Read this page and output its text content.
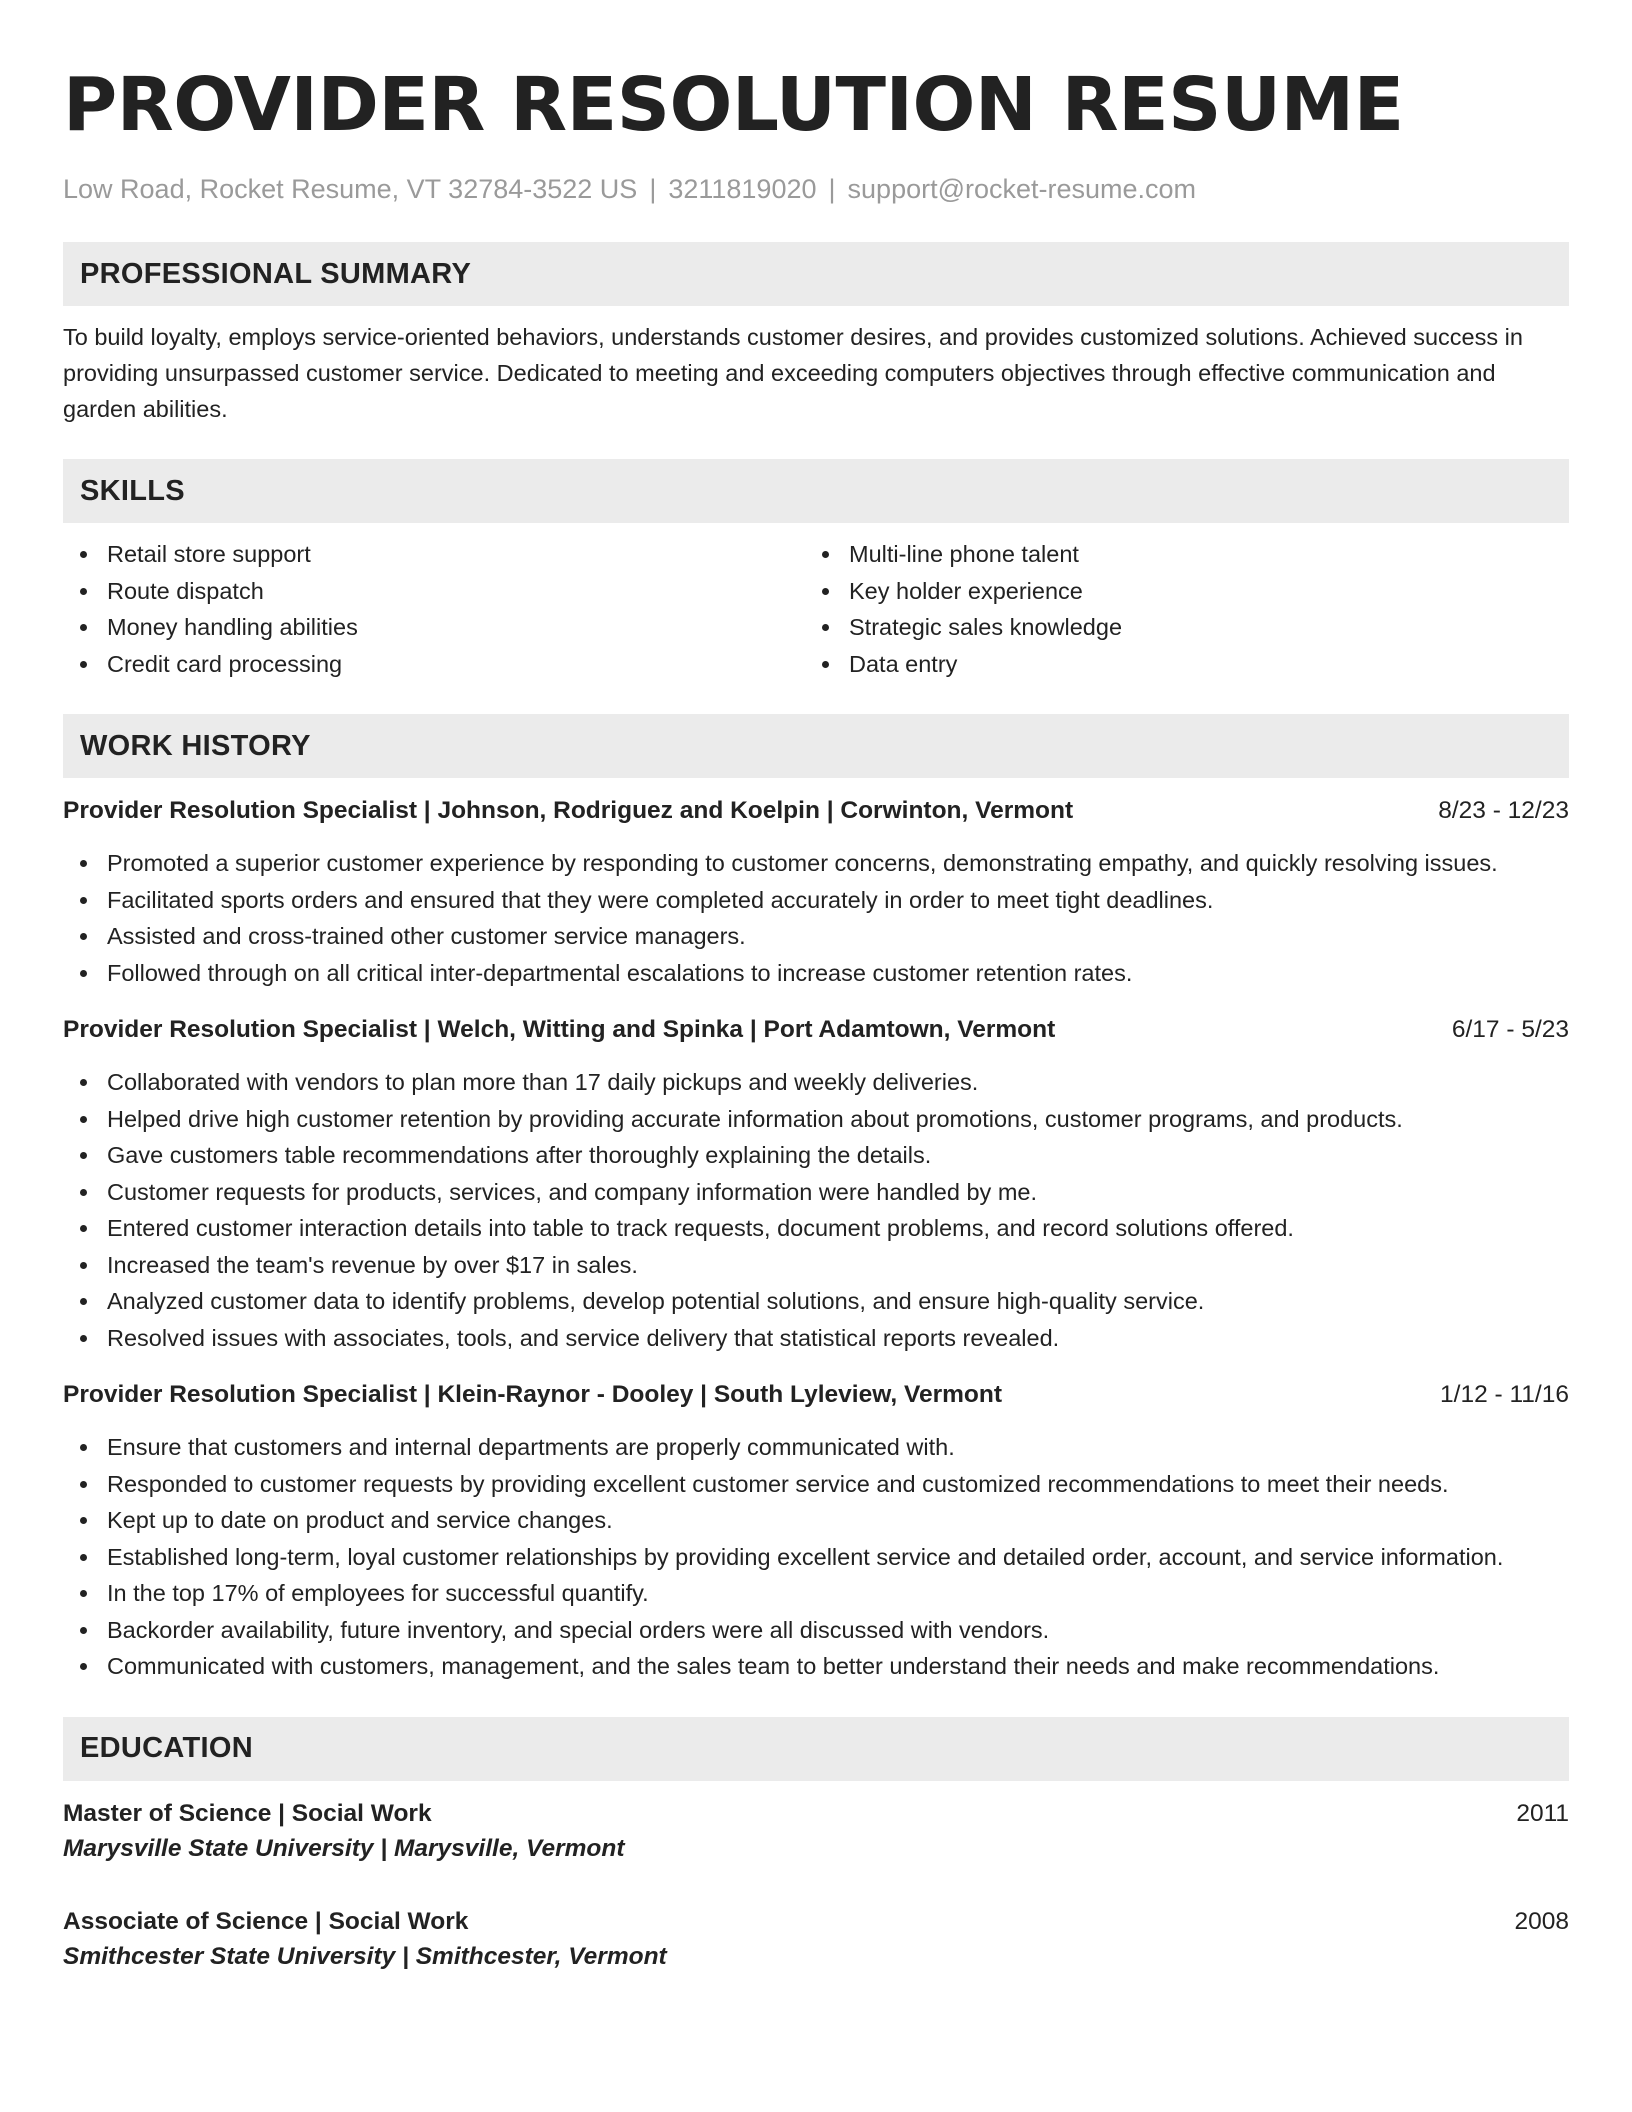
PROVIDER RESOLUTION RESUME
Low Road, Rocket Resume, VT 32784-3522 US | 3211819020 | support@rocket-resume.com
PROFESSIONAL SUMMARY
To build loyalty, employs service-oriented behaviors, understands customer desires, and provides customized solutions. Achieved success in providing unsurpassed customer service. Dedicated to meeting and exceeding computers objectives through effective communication and garden abilities.
SKILLS
Retail store support
Route dispatch
Money handling abilities
Credit card processing
Multi-line phone talent
Key holder experience
Strategic sales knowledge
Data entry
WORK HISTORY
Provider Resolution Specialist | Johnson, Rodriguez and Koelpin | Corwinton, Vermont	8/23 - 12/23
Promoted a superior customer experience by responding to customer concerns, demonstrating empathy, and quickly resolving issues.
Facilitated sports orders and ensured that they were completed accurately in order to meet tight deadlines.
Assisted and cross-trained other customer service managers.
Followed through on all critical inter-departmental escalations to increase customer retention rates.
Provider Resolution Specialist | Welch, Witting and Spinka | Port Adamtown, Vermont	6/17 - 5/23
Collaborated with vendors to plan more than 17 daily pickups and weekly deliveries.
Helped drive high customer retention by providing accurate information about promotions, customer programs, and products.
Gave customers table recommendations after thoroughly explaining the details.
Customer requests for products, services, and company information were handled by me.
Entered customer interaction details into table to track requests, document problems, and record solutions offered.
Increased the team's revenue by over $17 in sales.
Analyzed customer data to identify problems, develop potential solutions, and ensure high-quality service.
Resolved issues with associates, tools, and service delivery that statistical reports revealed.
Provider Resolution Specialist | Klein-Raynor - Dooley | South Lyleview, Vermont	1/12 - 11/16
Ensure that customers and internal departments are properly communicated with.
Responded to customer requests by providing excellent customer service and customized recommendations to meet their needs.
Kept up to date on product and service changes.
Established long-term, loyal customer relationships by providing excellent service and detailed order, account, and service information.
In the top 17% of employees for successful quantify.
Backorder availability, future inventory, and special orders were all discussed with vendors.
Communicated with customers, management, and the sales team to better understand their needs and make recommendations.
EDUCATION
Master of Science | Social Work	2011
Marysville State University | Marysville, Vermont
Associate of Science | Social Work	2008
Smithcester State University | Smithcester, Vermont
